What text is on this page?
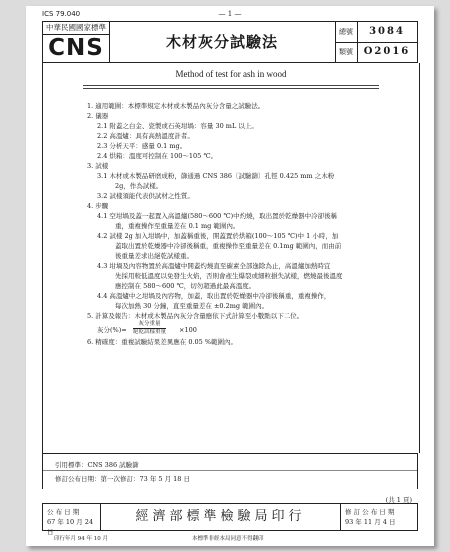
ICS 79.040	— 1 —
中華民國國家標準
CNS	木材灰分試驗法
總號	3084
類號	O2016
Method of test for ash in wood
1. 適用範圍：本標準規定木材或木製品內灰分含量之試驗法。
2. 儀器
2.1 附蓋之白金、瓷製或石英坩堝：容量 30 mL 以上。
2.2 高溫爐：具有高熱溫度計者。
2.3 分析天平：感量 0.1 mg。
2.4 烘箱：溫度可控制在 100～105 ℃。
3. 試樣
3.1 木材或木製品研磨成粉，篩通過 CNS 386〔試驗篩〕孔徑 0.425 mm 之木粉
2g，作為試樣。
3.2 試樣須能代表供試材之性質。
4. 步驟
4.1 空坩堝及蓋一起置入高溫爐(580～600 ℃)中灼燒，取出置於乾燥器中冷卻後稱
重，重複操作至重量差在 0.1 mg 範圍內。
4.2 試樣 2g 加入坩堝中，加蓋稱重後，開蓋置於烘箱(100～105 ℃)中 1 小時，加
蓋取出置於乾燥器中冷卻後稱重，重複操作至重量差在 0.1mg 範圍內，而由前
後重量差求出絕乾試樣重。
4.3 坩堝及內容物置於高溫爐中開蓋灼燒直至碳素全部逸除為止，高溫爐加熱時宜
先採用較低溫度以免發生火焰，否則會產生爆裂或細粒損失試樣，燃燒最後溫度
應控制在 580～600 ℃，切勿超過此最高溫度。
4.4 高溫爐中之坩堝及內容物，加蓋，取出置於乾燥器中冷卻後稱重，重複操作，
每次加熱 30 分鐘，直至重量差在 ±0.2mg 範圍內。
5. 計算及報告：木材或木製品內灰分含量應依下式計算至小數點以下二位。
灰分(%)=
灰分重量
絕乾試樣重量 ×100
6. 精確度：重複試驗結果差異應在 0.05 %範圍內。
引用標準：CNS 386 試驗篩
修訂公布日期：第一次修訂：73 年 5 月 18 日
(共 1 頁)
公 布 日 期
67 年 10 月 24 日
經濟部標準檢驗局印行	修 訂 公 布 日 期
93 年 11 月 4 日
印行年月 94 年 10 月	本標準非經本局同意不得翻印
